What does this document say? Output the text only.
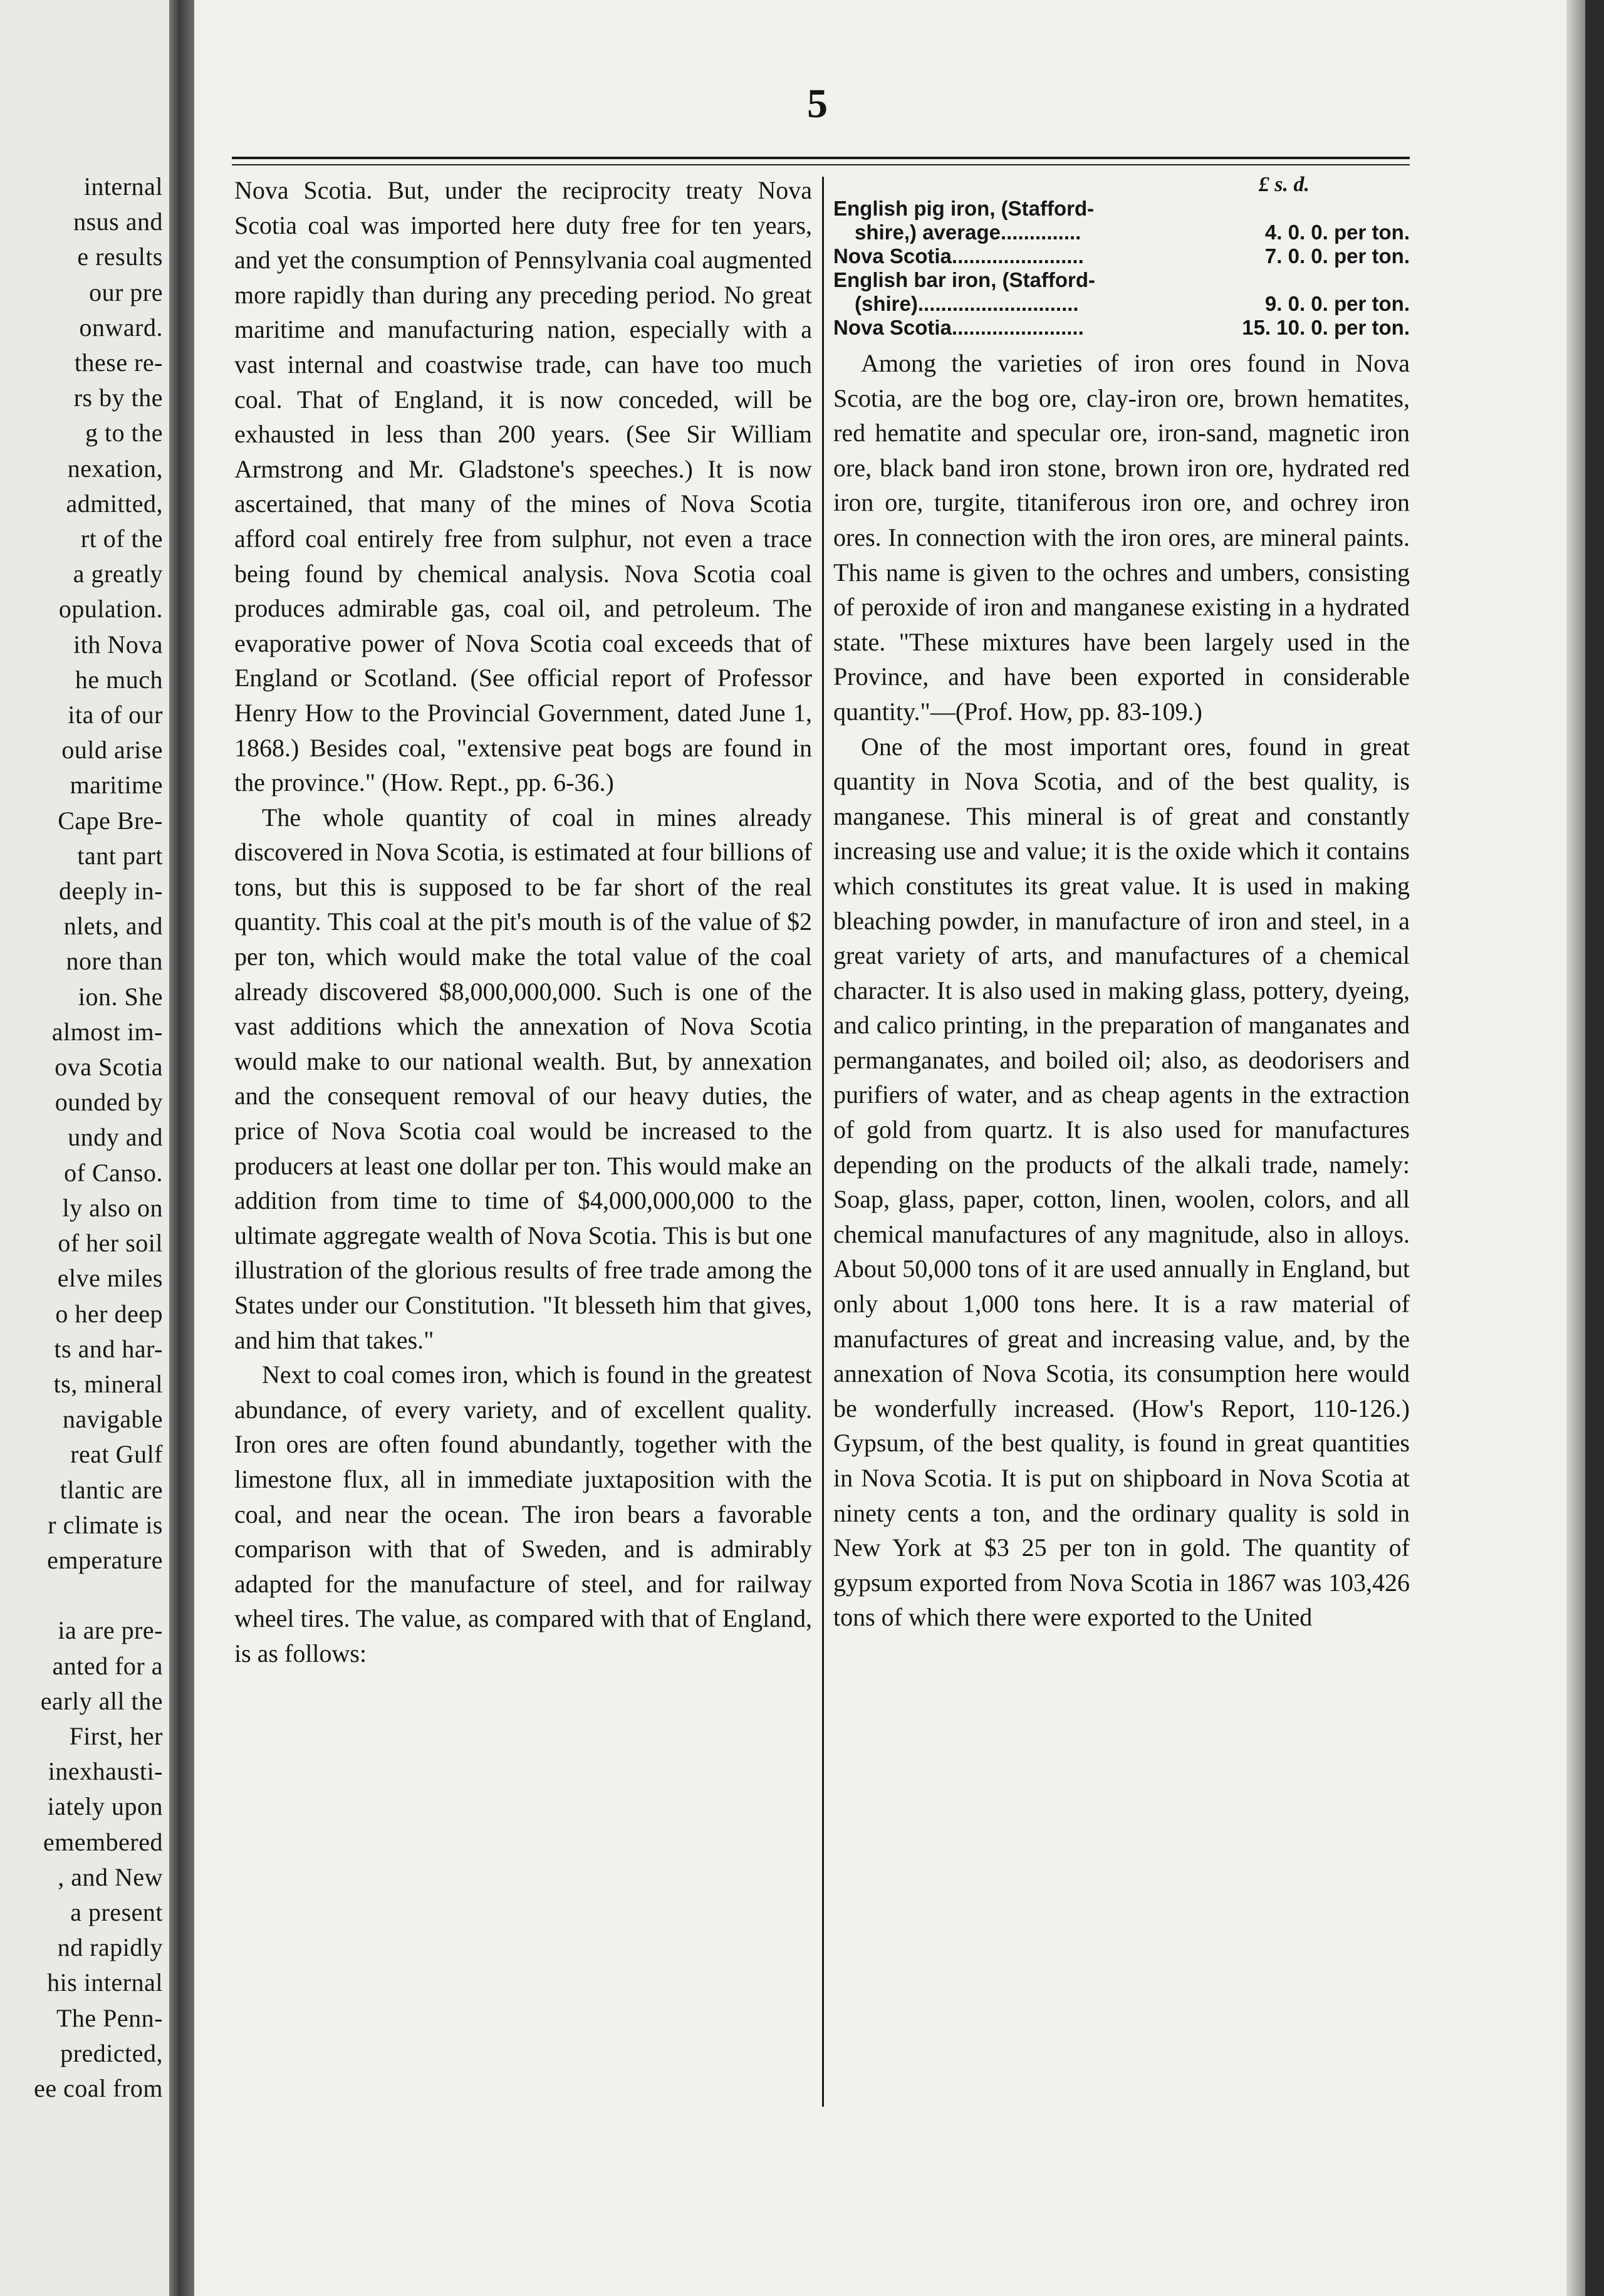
internal
nsus and
e results
our pre
onward.
these re-
rs by the
g to the
nexation,
admitted,
rt of the
a greatly
opulation.
ith Nova
he much
ita of our
ould arise
maritime
Cape Bre-
tant part
deeply in-
nlets, and
nore than
ion. She
almost im-
ova Scotia
ounded by
undy and
of Canso.
ly also on
of her soil
elve miles
o her deep
ts and har-
ts, mineral
navigable
reat Gulf
tlantic are
r climate is
emperature

ia are pre-
anted for a
early all the
First, her
inexhausti-
iately upon
emembered
, and New
a present
nd rapidly
his internal
The Penn-
predicted,
ee coal from
5

Nova Scotia. But, under the reciprocity treaty Nova Scotia coal was imported here duty free for ten years, and yet the consumption of Pennsylvania coal augmented more rapidly than during any preceding period. No great maritime and manufacturing nation, especially with a vast internal and coastwise trade, can have too much coal. That of England, it is now conceded, will be exhausted in less than 200 years. (See Sir William Armstrong and Mr. Gladstone's speeches.) It is now ascertained, that many of the mines of Nova Scotia afford coal entirely free from sulphur, not even a trace being found by chemical analysis. Nova Scotia coal produces admirable gas, coal oil, and petroleum. The evaporative power of Nova Scotia coal exceeds that of England or Scotland. (See official report of Professor Henry How to the Provincial Government, dated June 1, 1868.) Besides coal, "extensive peat bogs are found in the province." (How. Rept., pp. 6-36.)

The whole quantity of coal in mines already discovered in Nova Scotia, is estimated at four billions of tons, but this is supposed to be far short of the real quantity. This coal at the pit's mouth is of the value of $2 per ton, which would make the total value of the coal already discovered $8,000,000,000. Such is one of the vast additions which the annexation of Nova Scotia would make to our national wealth. But, by annexation and the consequent removal of our heavy duties, the price of Nova Scotia coal would be increased to the producers at least one dollar per ton. This would make an addition from time to time of $4,000,000,000 to the ultimate aggregate wealth of Nova Scotia. This is but one illustration of the glorious results of free trade among the States under our Constitution. "It blesseth him that gives, and him that takes."

Next to coal comes iron, which is found in the greatest abundance, of every variety, and of excellent quality. Iron ores are often found abundantly, together with the limestone flux, all in immediate juxtaposition with the coal, and near the ocean. The iron bears a favorable comparison with that of Sweden, and is admirably adapted for the manufacture of steel, and for railway wheel tires. The value, as compared with that of England, is as follows:

£ s. d.
English pig iron, (Stafford-
shire,) average..............	4. 0. 0. per ton.
Nova Scotia.......................	7. 0. 0. per ton.
English bar iron, (Stafford-
(shire)............................	9. 0. 0. per ton.
Nova Scotia.......................	15. 10. 0. per ton.

Among the varieties of iron ores found in Nova Scotia, are the bog ore, clay-iron ore, brown hematites, red hematite and specular ore, iron-sand, magnetic iron ore, black band iron stone, brown iron ore, hydrated red iron ore, turgite, titaniferous iron ore, and ochrey iron ores. In connection with the iron ores, are mineral paints. This name is given to the ochres and umbers, consisting of peroxide of iron and manganese existing in a hydrated state. "These mixtures have been largely used in the Province, and have been exported in considerable quantity."—(Prof. How, pp. 83-109.)

One of the most important ores, found in great quantity in Nova Scotia, and of the best quality, is manganese. This mineral is of great and constantly increasing use and value; it is the oxide which it contains which constitutes its great value. It is used in making bleaching powder, in manufacture of iron and steel, in a great variety of arts, and manufactures of a chemical character. It is also used in making glass, pottery, dyeing, and calico printing, in the preparation of manganates and permanganates, and boiled oil; also, as deodorisers and purifiers of water, and as cheap agents in the extraction of gold from quartz. It is also used for manufactures depending on the products of the alkali trade, namely: Soap, glass, paper, cotton, linen, woolen, colors, and all chemical manufactures of any magnitude, also in alloys. About 50,000 tons of it are used annually in England, but only about 1,000 tons here. It is a raw material of manufactures of great and increasing value, and, by the annexation of Nova Scotia, its consumption here would be wonderfully increased. (How's Report, 110-126.) Gypsum, of the best quality, is found in great quantities in Nova Scotia. It is put on shipboard in Nova Scotia at ninety cents a ton, and the ordinary quality is sold in New York at $3 25 per ton in gold. The quantity of gypsum exported from Nova Scotia in 1867 was 103,426 tons of which there were exported to the United
